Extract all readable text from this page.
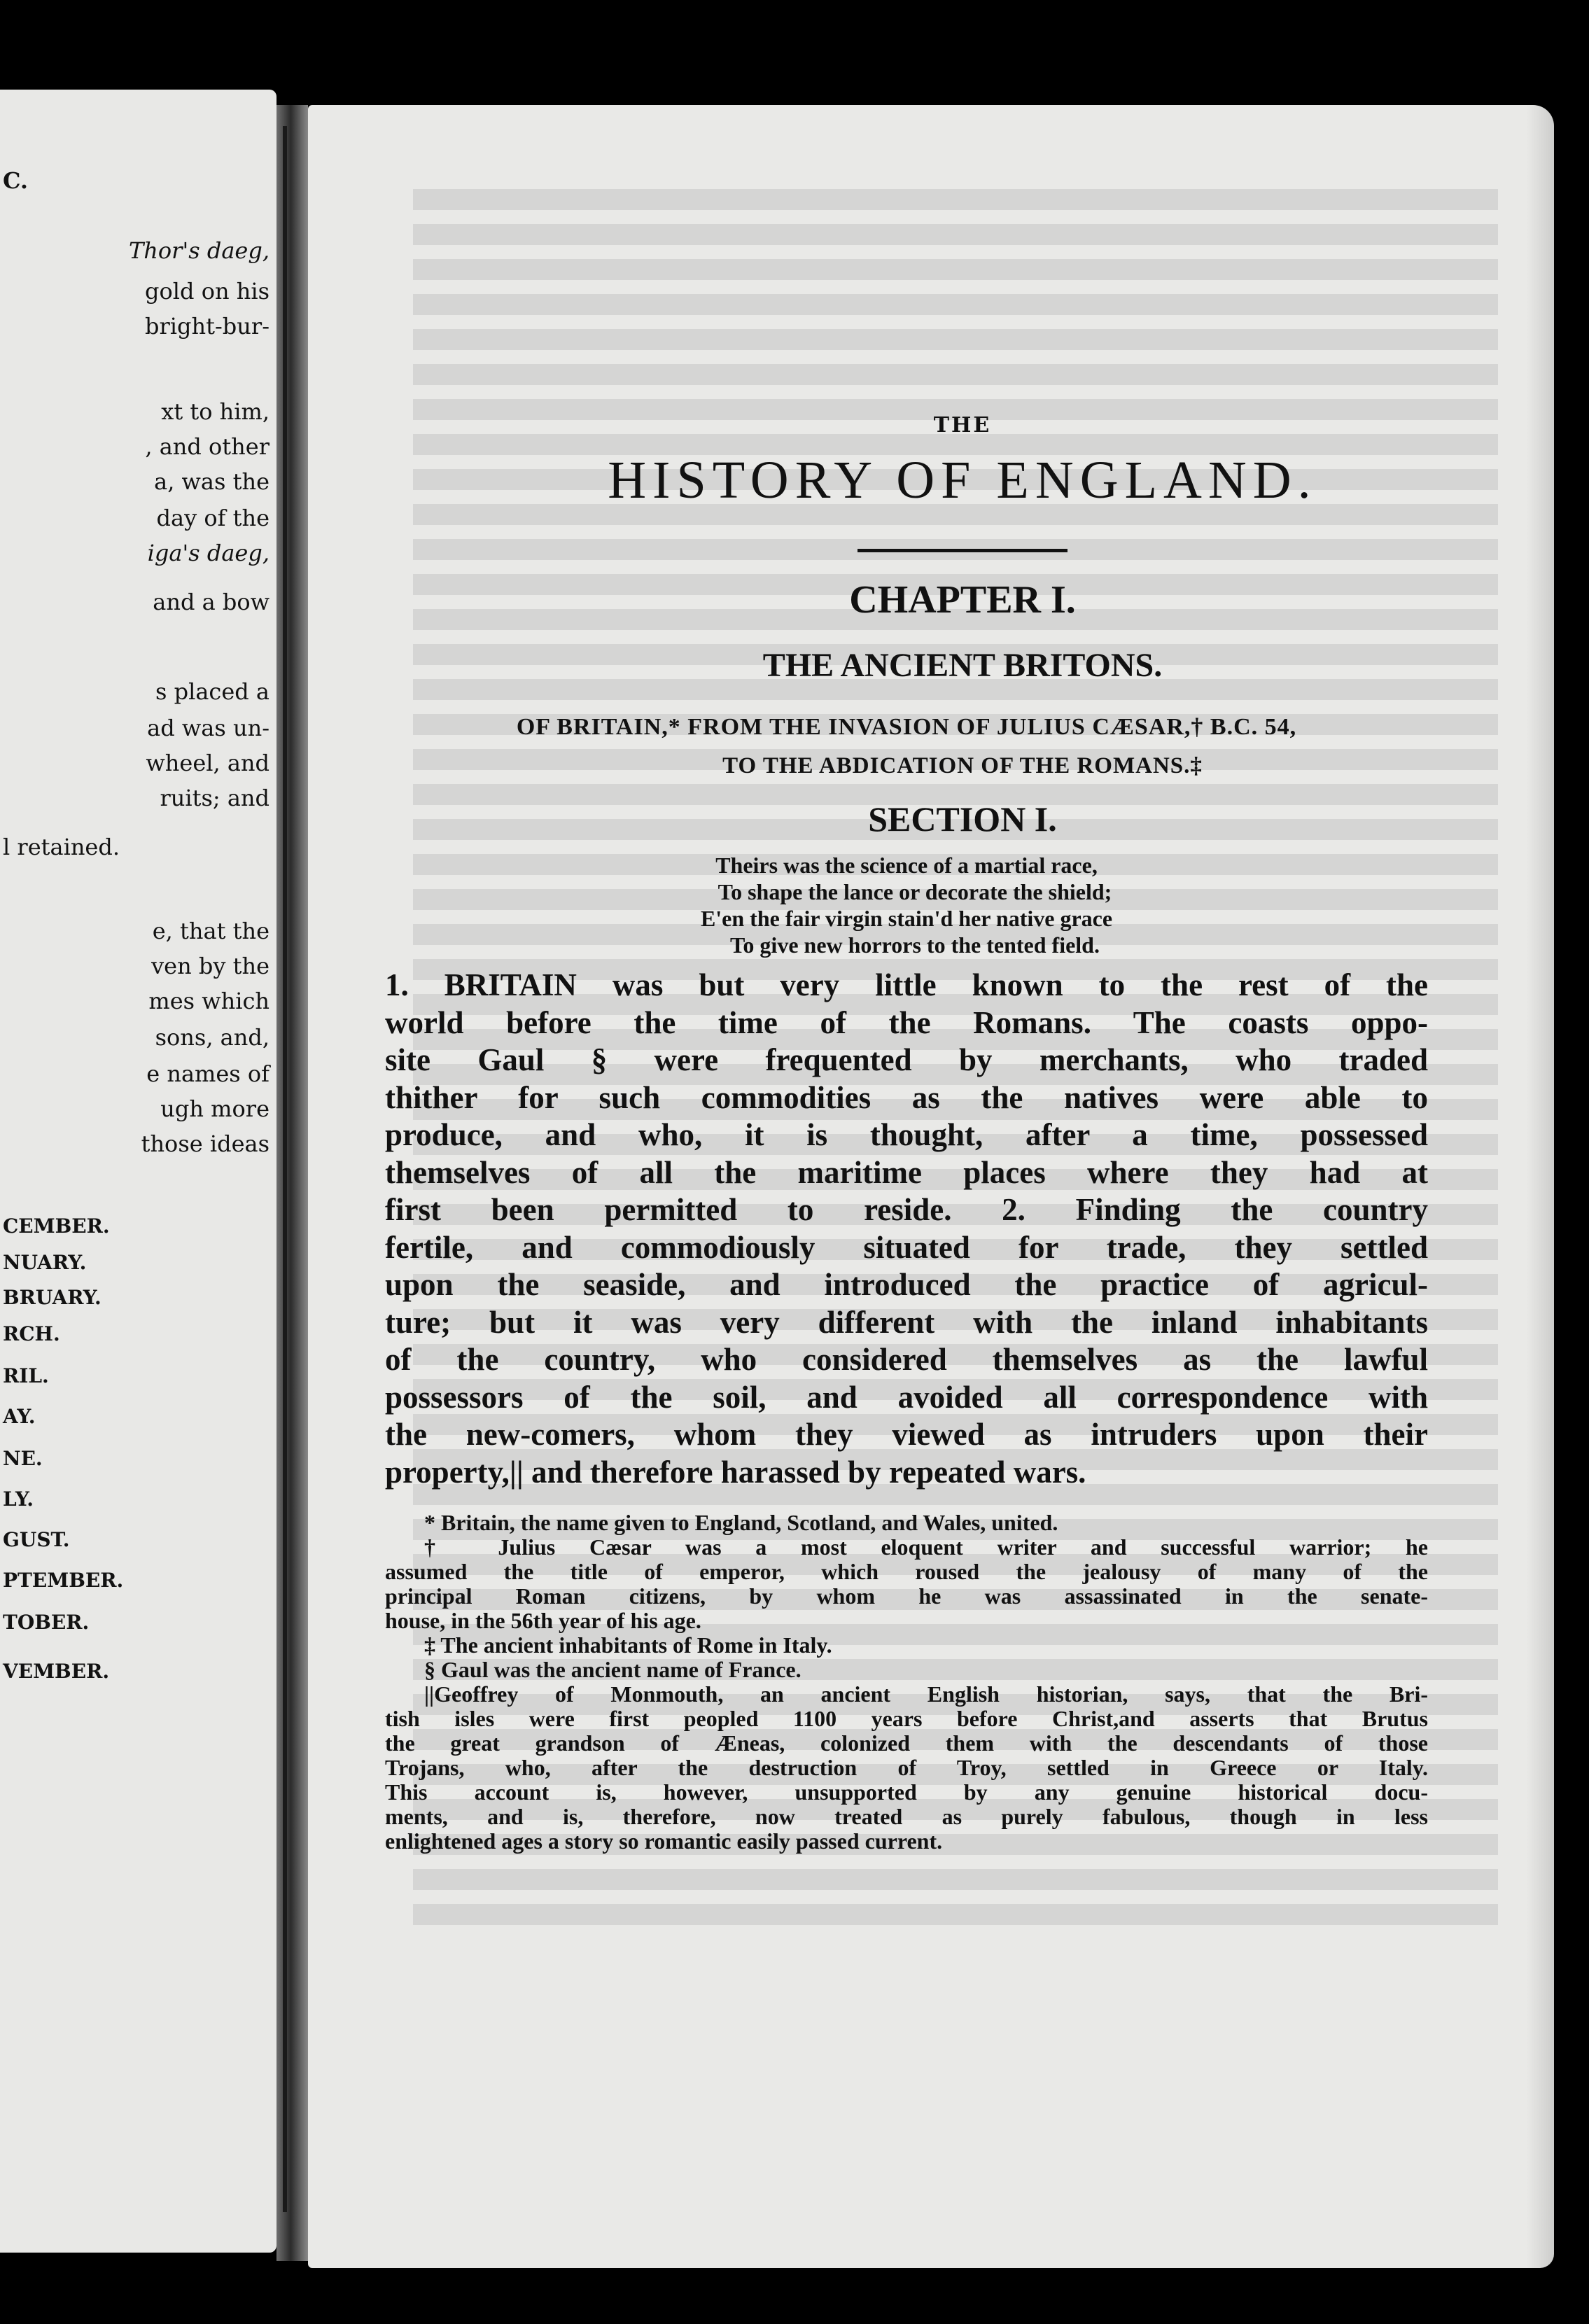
C.
Thor's daeg,
gold on his
bright-bur-
xt to him,
, and other
a, was the
day of the
iga's daeg,
and a bow
s placed a
ad was un-
wheel, and
ruits; and
l retained.
e, that the
ven by the
mes which
sons, and,
e names of
ugh more
those ideas
CEMBER.
NUARY.
BRUARY.
RCH.
RIL.
AY.
NE.
LY.
GUST.
PTEMBER.
TOBER.
VEMBER.
THE
HISTORY OF ENGLAND.
CHAPTER I.
THE ANCIENT BRITONS.
OF BRITAIN,* FROM THE INVASION OF JULIUS CÆSAR,† B.C. 54,
TO THE ABDICATION OF THE ROMANS.‡
SECTION I.
Theirs was the science of a martial race,
To shape the lance or decorate the shield;
E'en the fair virgin stain'd her native grace
To give new horrors to the tented field.
1. BRITAIN was but very little known to the rest of the
world before the time of the Romans. The coasts oppo-
site Gaul § were frequented by merchants, who traded
thither for such commodities as the natives were able to
produce, and who, it is thought, after a time, possessed
themselves of all the maritime places where they had at
first been permitted to reside. 2. Finding the country
fertile, and commodiously situated for trade, they settled
upon the seaside, and introduced the practice of agricul-
ture; but it was very different with the inland inhabitants
of the country, who considered themselves as the lawful
possessors of the soil, and avoided all correspondence with
the new-comers, whom they viewed as intruders upon their
property,|| and therefore harassed by repeated wars.
* Britain, the name given to England, Scotland, and Wales, united.
† Julius Cæsar was a most eloquent writer and successful warrior; he
assumed the title of emperor, which roused the jealousy of many of the
principal Roman citizens, by whom he was assassinated in the senate-
house, in the 56th year of his age.
‡ The ancient inhabitants of Rome in Italy.
§ Gaul was the ancient name of France.
||Geoffrey of Monmouth, an ancient English historian, says, that the Bri-
tish isles were first peopled 1100 years before Christ,and asserts that Brutus
the great grandson of Æneas, colonized them with the descendants of those
Trojans, who, after the destruction of Troy, settled in Greece or Italy.
This account is, however, unsupported by any genuine historical docu-
ments, and is, therefore, now treated as purely fabulous, though in less
enlightened ages a story so romantic easily passed current.
